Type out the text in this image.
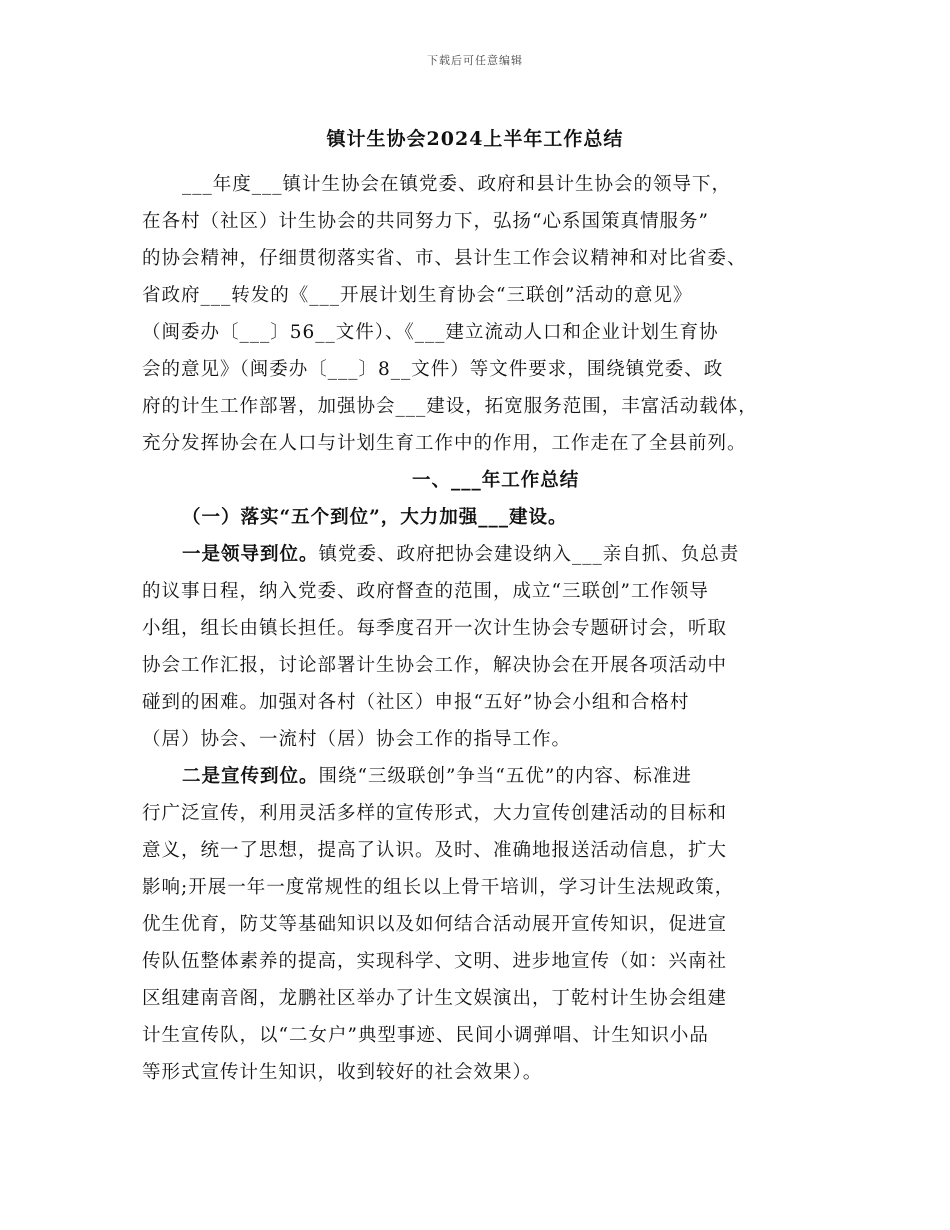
下载后可任意编辑
镇计生协会2024上半年工作总结
___年度___镇计生协会在镇党委、政府和县计生协会的领导下，
在各村（社区）计生协会的共同努力下，弘扬“心系国策真情服务”
的协会精神，仔细贯彻落实省、市、县计生工作会议精神和对比省委、
省政府___转发的《___开展计划生育协会“三联创”活动的意见》
（闽委办〔___〕56__文件）、《___建立流动人口和企业计划生育协
会的意见》（闽委办〔___〕8__文件）等文件要求，围绕镇党委、政
府的计生工作部署，加强协会___建设，拓宽服务范围，丰富活动载体，
充分发挥协会在人口与计划生育工作中的作用，工作走在了全县前列。
一、___年工作总结
（一）落实“五个到位”，大力加强___建设。
一是领导到位。镇党委、政府把协会建设纳入___亲自抓、负总责
的议事日程，纳入党委、政府督查的范围，成立“三联创”工作领导
小组，组长由镇长担任。每季度召开一次计生协会专题研讨会，听取
协会工作汇报，讨论部署计生协会工作，解决协会在开展各项活动中
碰到的困难。加强对各村（社区）申报“五好”协会小组和合格村
（居）协会、一流村（居）协会工作的指导工作。
二是宣传到位。围绕“三级联创”争当“五优”的内容、标准进
行广泛宣传，利用灵活多样的宣传形式，大力宣传创建活动的目标和
意义，统一了思想，提高了认识。及时、准确地报送活动信息，扩大
影响;开展一年一度常规性的组长以上骨干培训，学习计生法规政策，
优生优育，防艾等基础知识以及如何结合活动展开宣传知识，促进宣
传队伍整体素养的提高，实现科学、文明、进步地宣传（如：兴南社
区组建南音阁，龙鹏社区举办了计生文娱演出，丁乾村计生协会组建
计生宣传队，以“二女户”典型事迹、民间小调弹唱、计生知识小品
等形式宣传计生知识，收到较好的社会效果）。
